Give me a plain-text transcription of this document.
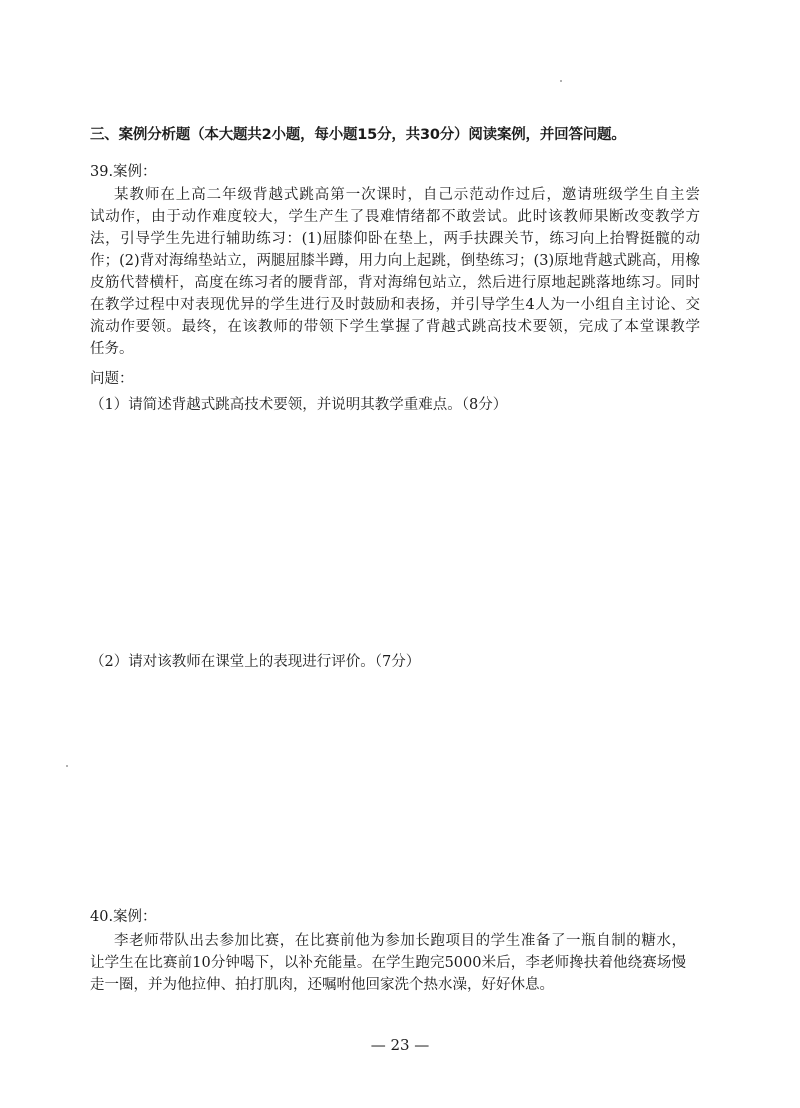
三、案例分析题（本大题共2小题，每小题15分，共30分）阅读案例，并回答问题。
39.案例：
某教师在上高二年级背越式跳高第一次课时，自己示范动作过后，邀请班级学生自主尝
试动作，由于动作难度较大，学生产生了畏难情绪都不敢尝试。此时该教师果断改变教学方
法，引导学生先进行辅助练习：(1)屈膝仰卧在垫上，两手扶踝关节，练习向上抬臀挺髋的动
作；(2)背对海绵垫站立，两腿屈膝半蹲，用力向上起跳，倒垫练习；(3)原地背越式跳高，用橡
皮筋代替横杆，高度在练习者的腰背部，背对海绵包站立，然后进行原地起跳落地练习。同时
在教学过程中对表现优异的学生进行及时鼓励和表扬，并引导学生4人为一小组自主讨论、交
流动作要领。最终，在该教师的带领下学生掌握了背越式跳高技术要领，完成了本堂课教学
任务。
问题：
（1）请简述背越式跳高技术要领，并说明其教学重难点。（8分）
（2）请对该教师在课堂上的表现进行评价。（7分）
40.案例：
李老师带队出去参加比赛，在比赛前他为参加长跑项目的学生准备了一瓶自制的糖水，
让学生在比赛前10分钟喝下，以补充能量。在学生跑完5000米后，李老师搀扶着他绕赛场慢
走一圈，并为他拉伸、拍打肌肉，还嘱咐他回家洗个热水澡，好好休息。
— 23 —
